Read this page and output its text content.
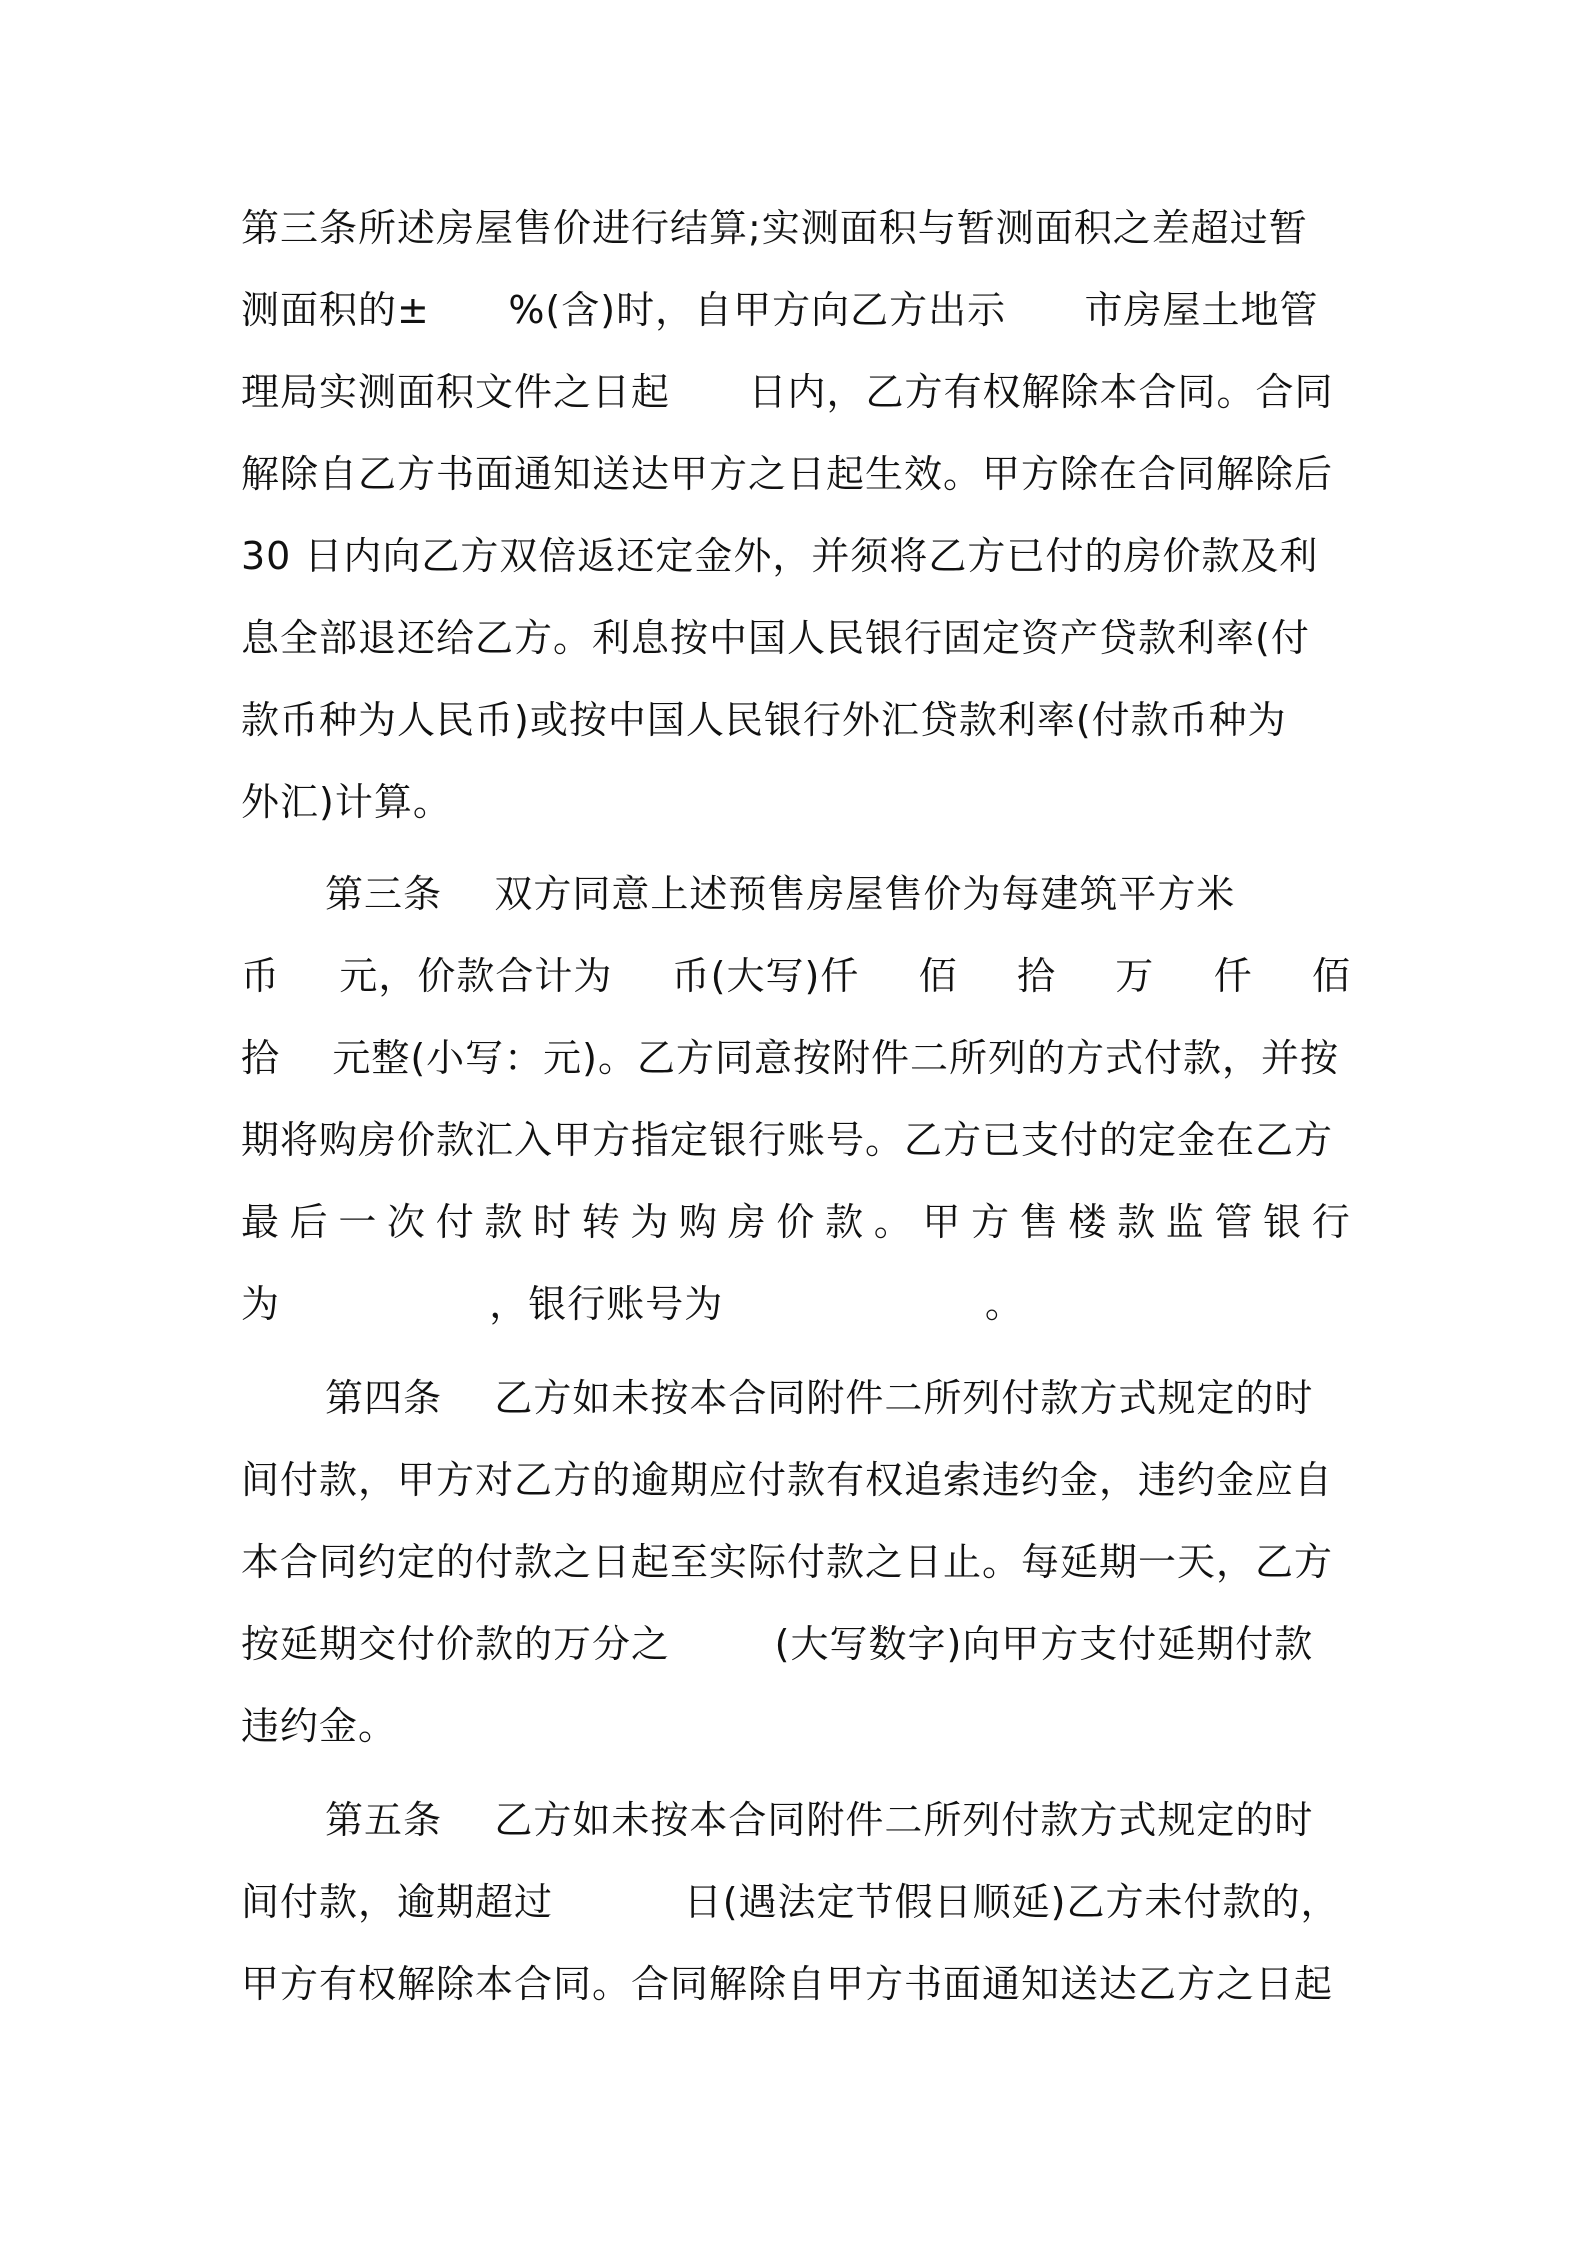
第三条所述房屋售价进行结算;实测面积与暂测面积之差超过暂
测面积的±      %(含)时，自甲方向乙方出示      市房屋土地管
理局实测面积文件之日起      日内，乙方有权解除本合同。合同
解除自乙方书面通知送达甲方之日起生效。甲方除在合同解除后
30 日内向乙方双倍返还定金外，并须将乙方已付的房价款及利
息全部退还给乙方。利息按中国人民银行固定资产贷款利率(付
款币种为人民币)或按中国人民银行外汇贷款利率(付款币种为
外汇)计算。
第三条    双方同意上述预售房屋售价为每建筑平方米
币 元，价款合计为 币(大写)仟 佰 拾 万 仟 佰
拾    元整(小写：元)。乙方同意按附件二所列的方式付款，并按
期将购房价款汇入甲方指定银行账号。乙方已支付的定金在乙方
最 后 一 次 付 款 时 转 为 购 房 价 款 。 甲 方 售 楼 款 监 管 银 行
为                ，银行账号为                    。
第四条    乙方如未按本合同附件二所列付款方式规定的时
间付款，甲方对乙方的逾期应付款有权追索违约金，违约金应自
本合同约定的付款之日起至实际付款之日止。每延期一天，乙方
按延期交付价款的万分之        (大写数字)向甲方支付延期付款
违约金。
第五条    乙方如未按本合同附件二所列付款方式规定的时
间付款，逾期超过          日(遇法定节假日顺延)乙方未付款的，
甲方有权解除本合同。合同解除自甲方书面通知送达乙方之日起
